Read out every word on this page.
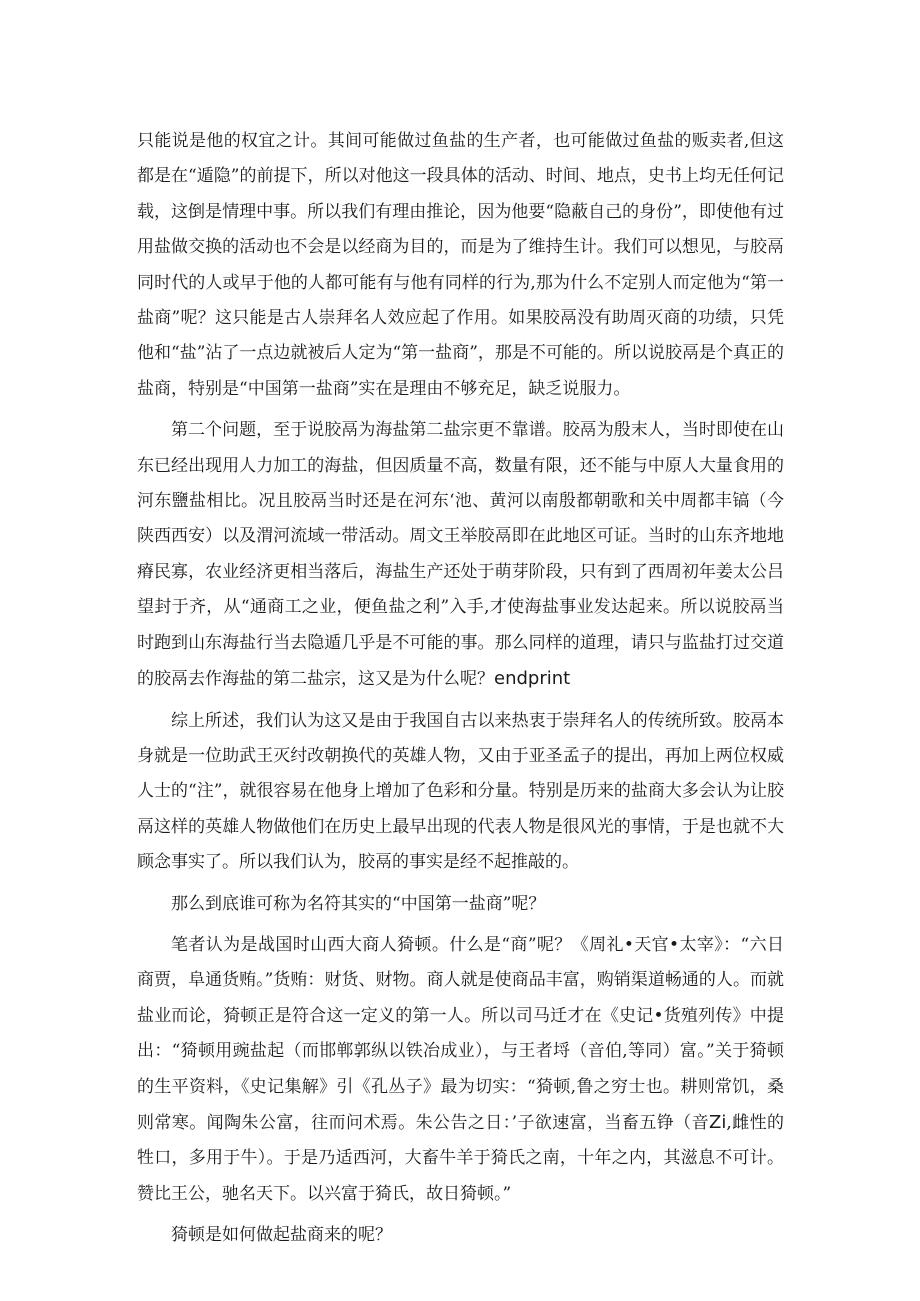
只能说是他的权宜之计。其间可能做过鱼盐的生产者，也可能做过鱼盐的贩卖者,但这都是在“遁隐”的前提下，所以对他这一段具体的活动、时间、地点，史书上均无任何记载，这倒是情理中事。所以我们有理由推论，因为他要“隐蔽自己的身份”，即使他有过用盐做交换的活动也不会是以经商为目的，而是为了维持生计。我们可以想见，与胶鬲同时代的人或早于他的人都可能有与他有同样的行为,那为什么不定别人而定他为“第一盐商”呢？这只能是古人崇拜名人效应起了作用。如果胶鬲没有助周灭商的功绩，只凭他和“盐”沾了一点边就被后人定为“第一盐商”，那是不可能的。所以说胶鬲是个真正的盐商，特别是“中国第一盐商”实在是理由不够充足，缺乏说服力。

第二个问题，至于说胶鬲为海盐第二盐宗更不靠谱。胶鬲为殷末人，当时即使在山东已经出现用人力加工的海盐，但因质量不高，数量有限，还不能与中原人大量食用的河东鹽盐相比。况且胶鬲当时还是在河东‘池、黄河以南殷都朝歌和关中周都丰镐（今陕西西安）以及渭河流域一带活动。周文王举胶鬲即在此地区可证。当时的山东齐地地瘠民寡，农业经济更相当落后，海盐生产还处于萌芽阶段，只有到了西周初年姜太公吕望封于齐，从“通商工之业，便鱼盐之利”入手,才使海盐事业发达起来。所以说胶鬲当时跑到山东海盐行当去隐遁几乎是不可能的事。那么同样的道理，请只与监盐打过交道的胶鬲去作海盐的第二盐宗，这又是为什么呢？endprint

综上所述，我们认为这又是由于我国自古以来热衷于崇拜名人的传统所致。胶鬲本身就是一位助武王灭纣改朝换代的英雄人物，又由于亚圣孟子的提出，再加上两位权威人士的“注”，就很容易在他身上增加了色彩和分量。特别是历来的盐商大多会认为让胶鬲这样的英雄人物做他们在历史上最早出现的代表人物是很风光的事情，于是也就不大顾念事实了。所以我们认为，胶鬲的事实是经不起推敲的。

那么到底谁可称为名符其实的“中国第一盐商”呢？

笔者认为是战国时山西大商人猗顿。什么是“商”呢？《周礼•天官•太宰》：“六日商贾，阜通货贿。”货贿：财货、财物。商人就是使商品丰富，购销渠道畅通的人。而就盐业而论，猗顿正是符合这一定义的第一人。所以司马迁才在《史记•货殖列传》中提出：“猗顿用豌盐起（而邯郸郭纵以铁冶成业），与王者埒（音伯,等同）富。”关于猗顿的生平资料，《史记集解》引《孔丛子》最为切实：“猗顿,鲁之穷士也。耕则常饥，桑则常寒。闻陶朱公富，往而问术焉。朱公告之日：’子欲速富，当畜五铮（音Zi,雌性的牲口，多用于牛）。于是乃适西河，大畜牛羊于猗氏之南，十年之内，其滋息不可计。赞比王公，驰名天下。以兴富于猗氏，故日猗顿。”

猗顿是如何做起盐商来的呢？
